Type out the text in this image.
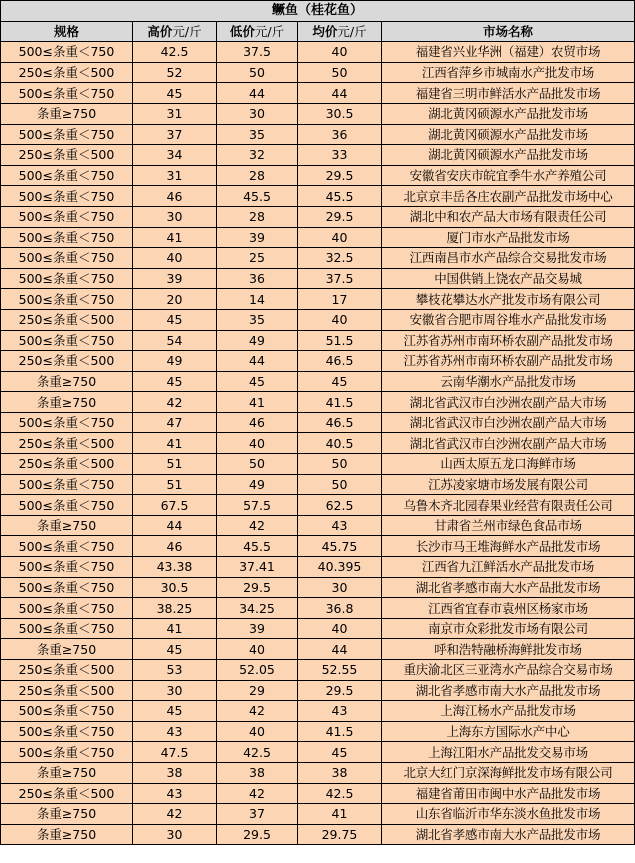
鳜鱼（桂花鱼）				
规格	高价元/斤	低价元/斤	均价元/斤	市场名称
500≤条重＜750	42.5	37.5	40	福建省兴业华洲（福建）农贸市场
250≤条重＜500	52	50	50	江西省萍乡市城南水产批发市场
500≤条重＜750	45	44	44	福建省三明市鲜活水产品批发市场
条重≥750	31	30	30.5	湖北黄冈硕源水产品批发市场
500≤条重＜750	37	35	36	湖北黄冈硕源水产品批发市场
250≤条重＜500	34	32	33	湖北黄冈硕源水产品批发市场
500≤条重＜750	31	28	29.5	安徽省安庆市皖宜季牛水产养殖公司
500≤条重＜750	46	45.5	45.5	北京京丰岳各庄农副产品批发市场中心
500≤条重＜750	30	28	29.5	湖北中和农产品大市场有限责任公司
500≤条重＜750	41	39	40	厦门市水产品批发市场
500≤条重＜750	40	25	32.5	江西南昌市水产品综合交易批发市场
500≤条重＜750	39	36	37.5	中国供销上饶农产品交易城
500≤条重＜750	20	14	17	攀枝花攀达水产批发市场有限公司
250≤条重＜500	45	35	40	安徽省合肥市周谷堆水产品批发市场
500≤条重＜750	54	49	51.5	江苏省苏州市南环桥农副产品批发市场
250≤条重＜500	49	44	46.5	江苏省苏州市南环桥农副产品批发市场
条重≥750	45	45	45	云南华潮水产品批发市场
条重≥750	42	41	41.5	湖北省武汉市白沙洲农副产品大市场
500≤条重＜750	47	46	46.5	湖北省武汉市白沙洲农副产品大市场
250≤条重＜500	41	40	40.5	湖北省武汉市白沙洲农副产品大市场
250≤条重＜500	51	50	50	山西太原五龙口海鲜市场
500≤条重＜750	51	49	50	江苏凌家塘市场发展有限公司
500≤条重＜750	67.5	57.5	62.5	乌鲁木齐北园春果业经营有限责任公司
条重≥750	44	42	43	甘肃省兰州市绿色食品市场
500≤条重＜750	46	45.5	45.75	长沙市马王堆海鲜水产品批发市场
500≤条重＜750	43.38	37.41	40.395	江西省九江鲜活水产品批发市场
500≤条重＜750	30.5	29.5	30	湖北省孝感市南大水产品批发市场
500≤条重＜750	38.25	34.25	36.8	江西省宜春市袁州区杨家市场
500≤条重＜750	41	39	40	南京市众彩批发市场有限公司
条重≥750	45	40	44	呼和浩特融桥海鲜批发市场
250≤条重＜500	53	52.05	52.55	重庆渝北区三亚湾水产品综合交易市场
250≤条重＜500	30	29	29.5	湖北省孝感市南大水产品批发市场
500≤条重＜750	45	42	43	上海江杨水产品批发市场
500≤条重＜750	43	40	41.5	上海东方国际水产中心
500≤条重＜750	47.5	42.5	45	上海江阳水产品批发交易市场
条重≥750	38	38	38	北京大红门京深海鲜批发市场有限公司
250≤条重＜500	43	42	42.5	福建省莆田市闽中水产品批发市场
条重≥750	42	37	41	山东省临沂市华东淡水鱼批发市场
条重≥750	30	29.5	29.75	湖北省孝感市南大水产品批发市场
